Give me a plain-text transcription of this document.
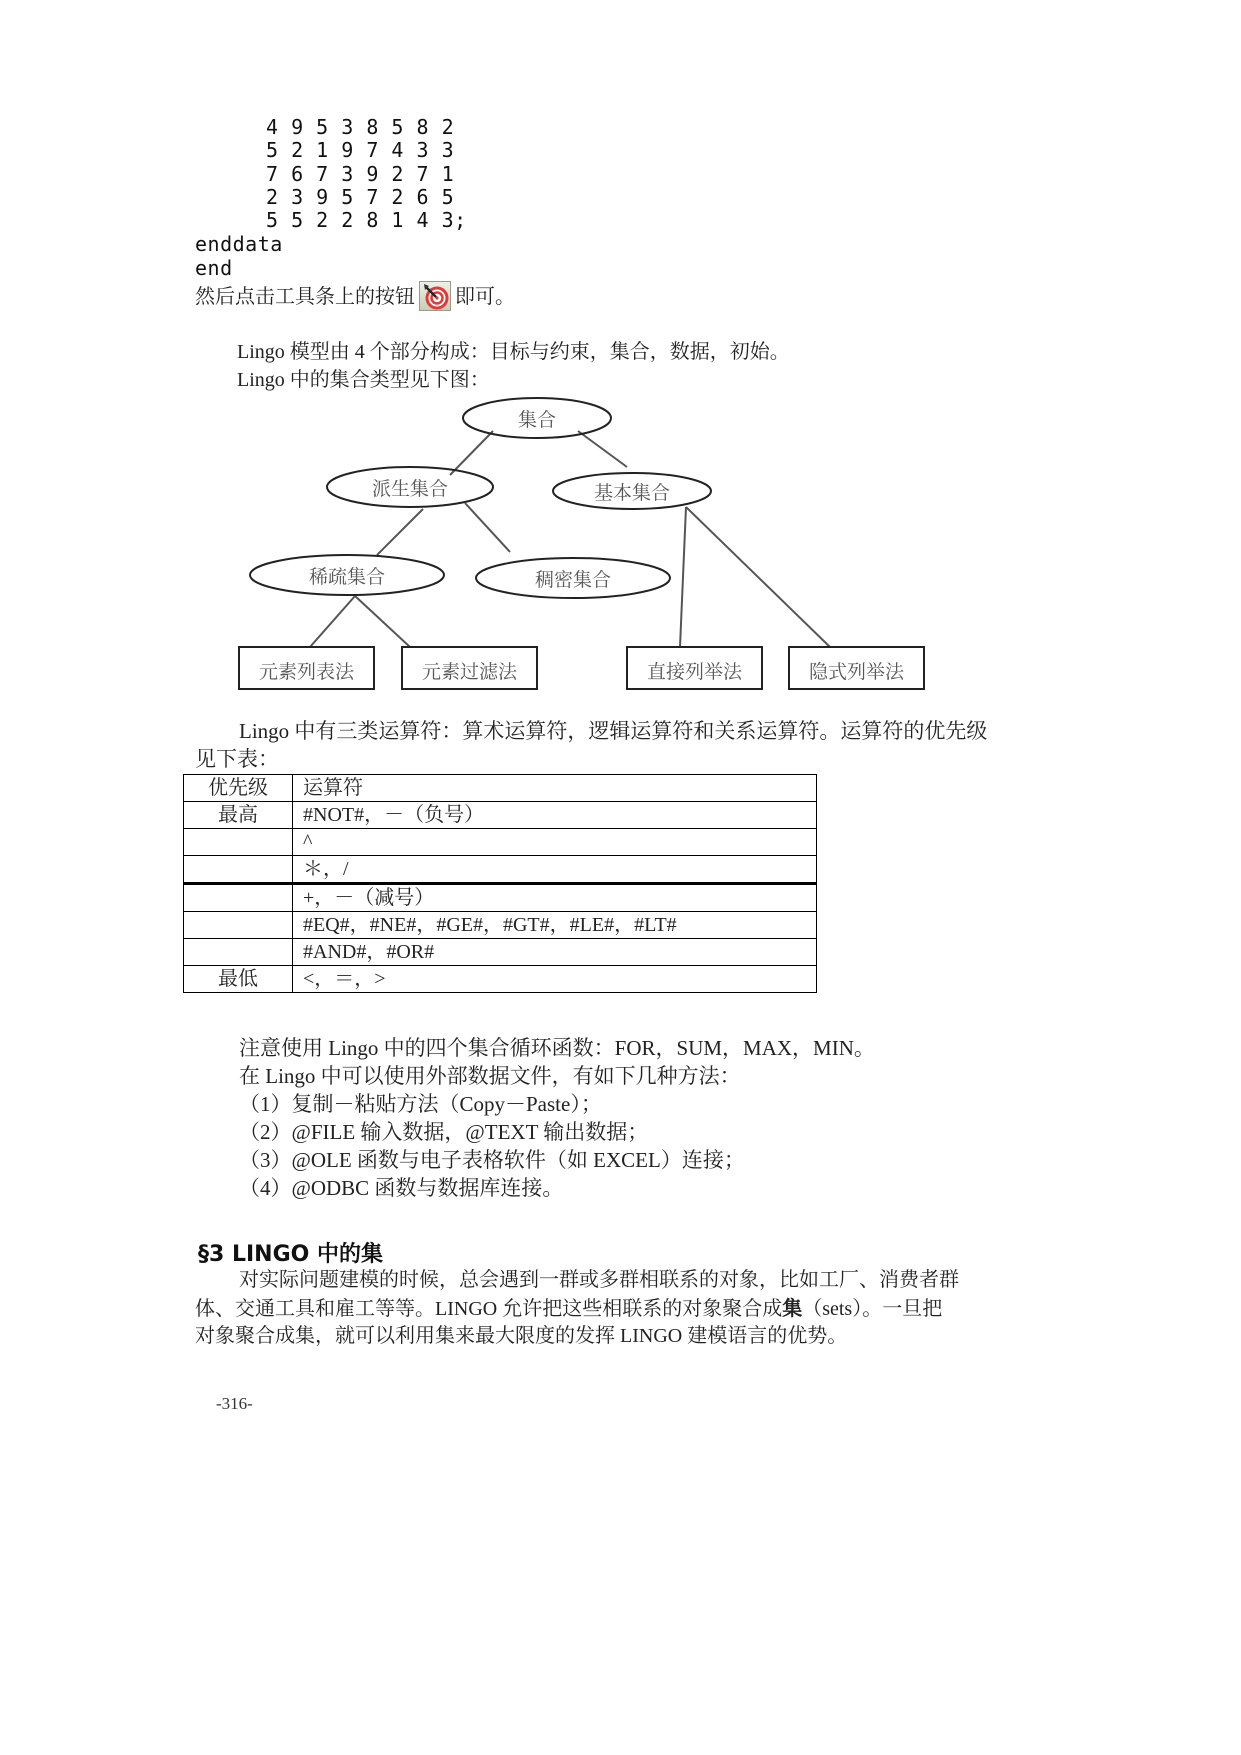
4 9 5 3 8 5 8 2
5 2 1 9 7 4 3 3
7 6 7 3 9 2 7 1
2 3 9 5 7 2 6 5
5 5 2 2 8 1 4 3;
enddata
end
然后点击工具条上的按钮 即可。
Lingo 模型由 4 个部分构成：目标与约束，集合，数据，初始。
Lingo 中的集合类型见下图：
集合
派生集合	基本集合
稀疏集合	稠密集合
元素列表法	元素过滤法	直接列举法	隐式列举法
Lingo 中有三类运算符：算术运算符，逻辑运算符和关系运算符。运算符的优先级
见下表：
优先级	运算符
最高	#NOT#，－（负号）
	^
	＊，/
	+，－（减号）
	#EQ#，#NE#，#GE#，#GT#，#LE#，#LT#
	#AND#，#OR#
最低	<，＝，>
注意使用 Lingo 中的四个集合循环函数：FOR，SUM，MAX，MIN。
在 Lingo 中可以使用外部数据文件，有如下几种方法：
（1）复制－粘贴方法（Copy－Paste）；
（2）@FILE 输入数据，@TEXT 输出数据；
（3）@OLE 函数与电子表格软件（如 EXCEL）连接；
（4）@ODBC 函数与数据库连接。
§3 LINGO 中的集
对实际问题建模的时候，总会遇到一群或多群相联系的对象，比如工厂、消费者群
体、交通工具和雇工等等。LINGO 允许把这些相联系的对象聚合成集（sets）。一旦把
对象聚合成集，就可以利用集来最大限度的发挥 LINGO 建模语言的优势。
-316-
